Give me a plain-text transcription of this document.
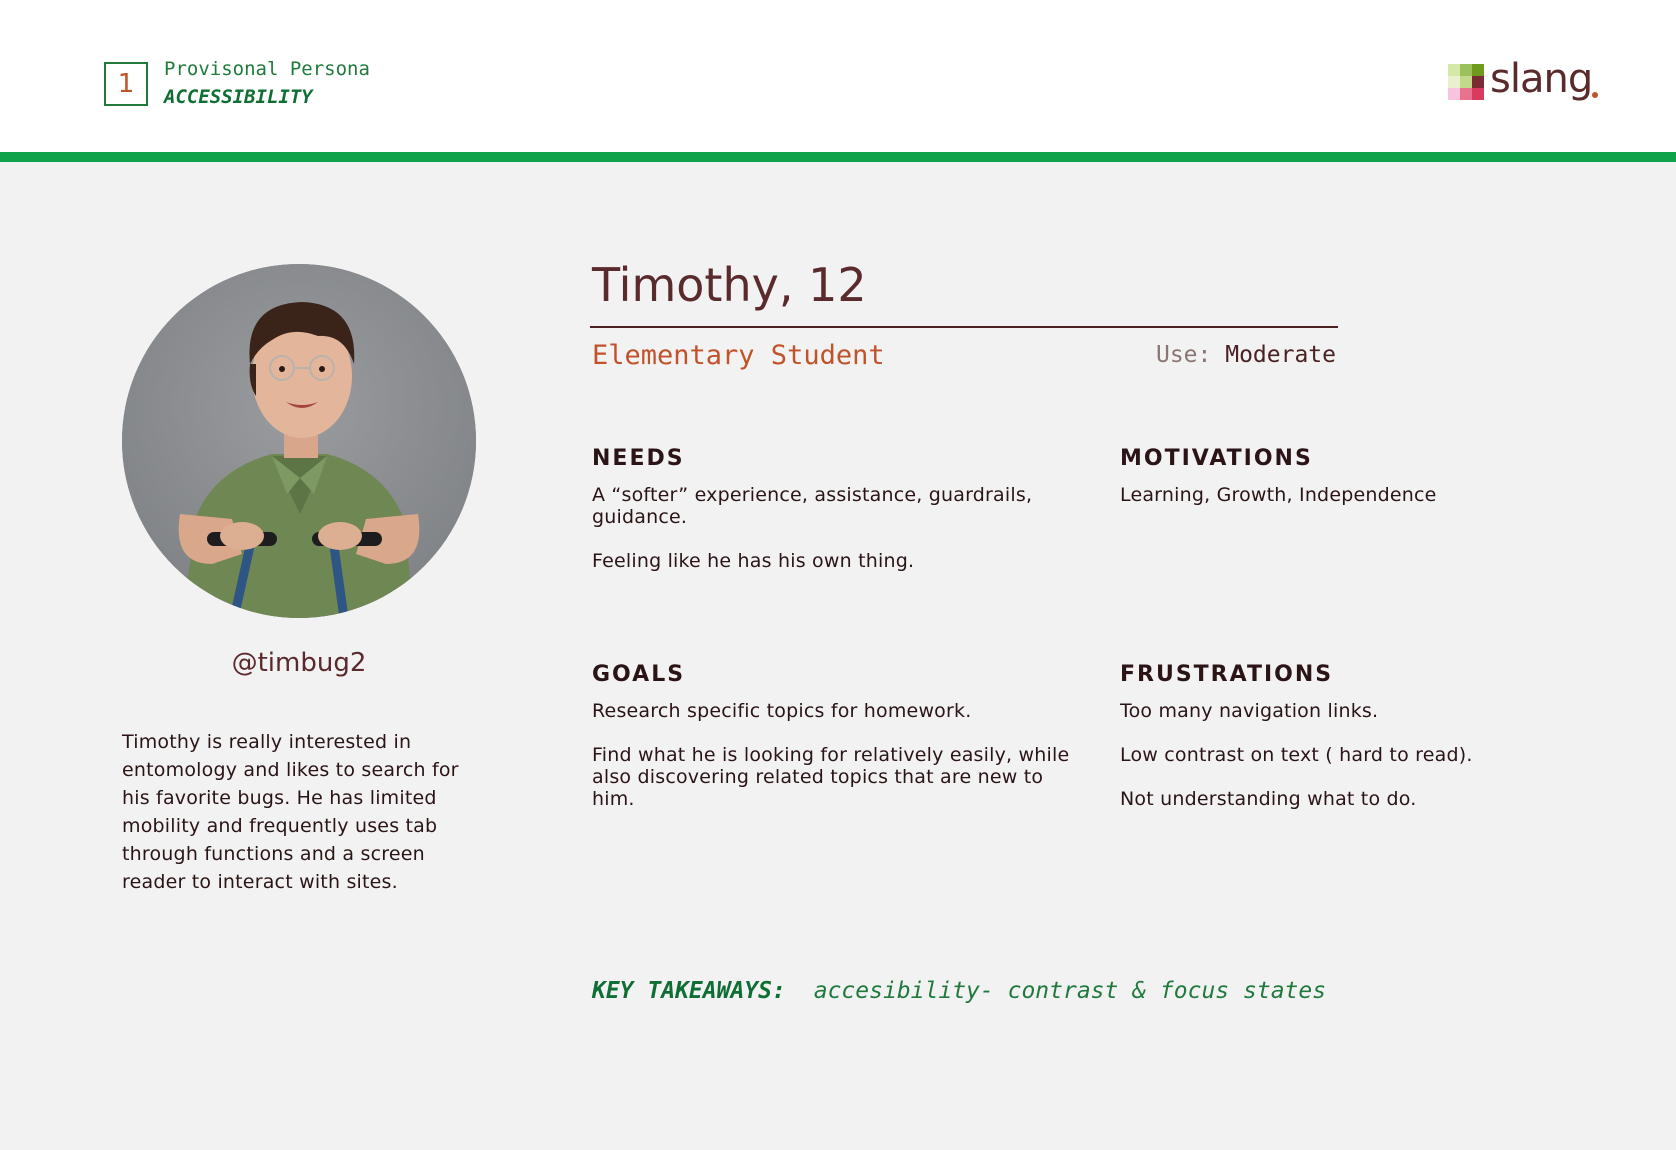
1	Provisonal Persona
ACCESSIBILITY	slang
@timbug2
Timothy is really interested in entomology and likes to search for his favorite bugs. He has limited mobility and frequently uses tab through functions and a screen reader to interact with sites.
Timothy, 12
Elementary Student	Use: Moderate
NEEDS

A “softer” experience, assistance, guardrails, guidance.

Feeling like he has his own thing.

MOTIVATIONS

Learning, Growth, Independence

GOALS

Research specific topics for homework.

Find what he is looking for relatively easily, while also discovering related topics that are new to him.

FRUSTRATIONS

Too many navigation links.

Low contrast on text ( hard to read).

Not understanding what to do.

KEY TAKEAWAYS: accesibility- contrast & focus states
